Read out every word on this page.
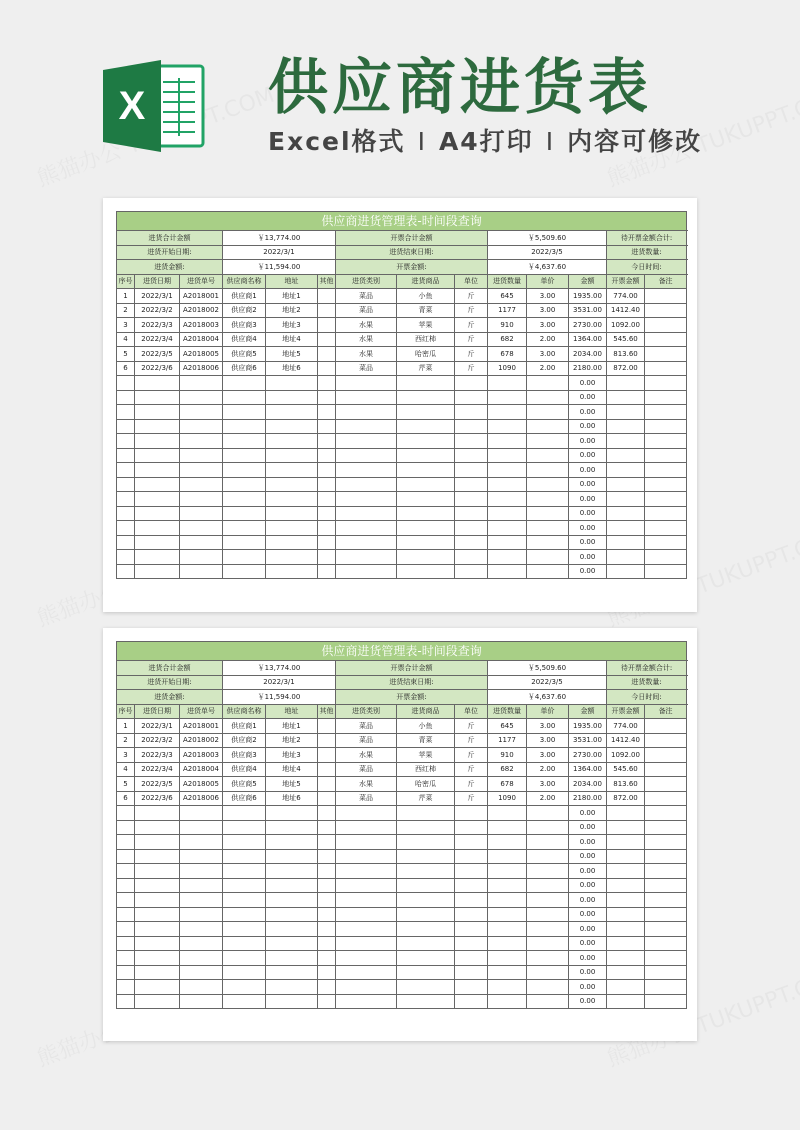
X 供应商进货表

Excel格式 I A4打印 I 内容可修改

供应商进货管理表-时间段查询														
进货合计金额			￥13,774.00			开票合计金额			￥5,509.60			待开票金额合计:	
进货开始日期:			2022/3/1			进货结束日期:			2022/3/5			进货数量:	
进货金额:			￥11,594.00			开票金额:			￥4,637.60			今日时间:	
序号	进货日期	进货单号	供应商名称	地址	其他	进货类别	进货商品	单位	进货数量	单价	金额	开票金额	备注	
1	2022/3/1	A2018001	供应商1	地址1		菜品	小鱼	斤	645	3.00	1935.00	774.00		
2	2022/3/2	A2018002	供应商2	地址2		菜品	青菜	斤	1177	3.00	3531.00	1412.40		
3	2022/3/3	A2018003	供应商3	地址3		水果	苹果	斤	910	3.00	2730.00	1092.00		
4	2022/3/4	A2018004	供应商4	地址4		水果	西红柿	斤	682	2.00	1364.00	545.60		
5	2022/3/5	A2018005	供应商5	地址5		水果	哈密瓜	斤	678	3.00	2034.00	813.60		
6	2022/3/6	A2018006	供应商6	地址6		菜品	芹菜	斤	1090	2.00	2180.00	872.00		
											0.00			
											0.00			
											0.00			
											0.00			
											0.00			
											0.00			
											0.00			
											0.00			
											0.00			
											0.00			
											0.00			
											0.00			
											0.00			
											0.00			
供应商进货管理表-时间段查询														
进货合计金额			￥13,774.00			开票合计金额			￥5,509.60			待开票金额合计:	
进货开始日期:			2022/3/1			进货结束日期:			2022/3/5			进货数量:	
进货金额:			￥11,594.00			开票金额:			￥4,637.60			今日时间:	
序号	进货日期	进货单号	供应商名称	地址	其他	进货类别	进货商品	单位	进货数量	单价	金额	开票金额	备注	
1	2022/3/1	A2018001	供应商1	地址1		菜品	小鱼	斤	645	3.00	1935.00	774.00		
2	2022/3/2	A2018002	供应商2	地址2		菜品	青菜	斤	1177	3.00	3531.00	1412.40		
3	2022/3/3	A2018003	供应商3	地址3		水果	苹果	斤	910	3.00	2730.00	1092.00		
4	2022/3/4	A2018004	供应商4	地址4		菜品	西红柿	斤	682	2.00	1364.00	545.60		
5	2022/3/5	A2018005	供应商5	地址5		水果	哈密瓜	斤	678	3.00	2034.00	813.60		
6	2022/3/6	A2018006	供应商6	地址6		菜品	芹菜	斤	1090	2.00	2180.00	872.00		
											0.00			
											0.00			
											0.00			
											0.00			
											0.00			
											0.00			
											0.00			
											0.00			
											0.00			
											0.00			
											0.00			
											0.00			
											0.00			
											0.00			
